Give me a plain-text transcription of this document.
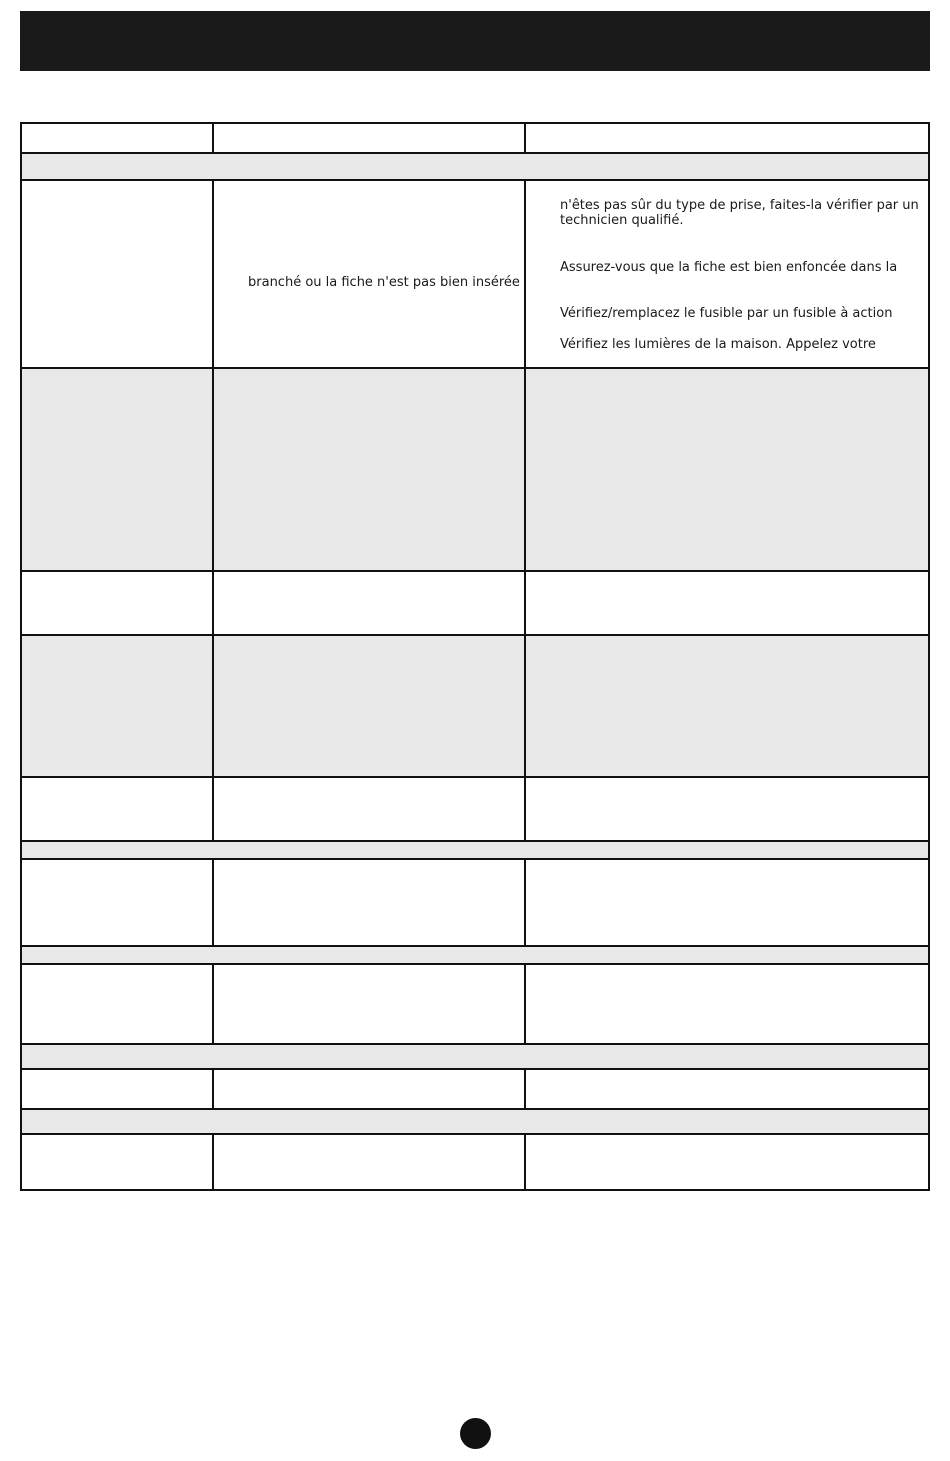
branché ou la fiche n'est pas bien insérée
n'êtes pas sûr du type de prise, faites-la vérifier par un
technicien qualifié.
Assurez-vous que la fiche est bien enfoncée dans la
Vérifiez/remplacez le fusible par un fusible à action
Vérifiez les lumières de la maison. Appelez votre
